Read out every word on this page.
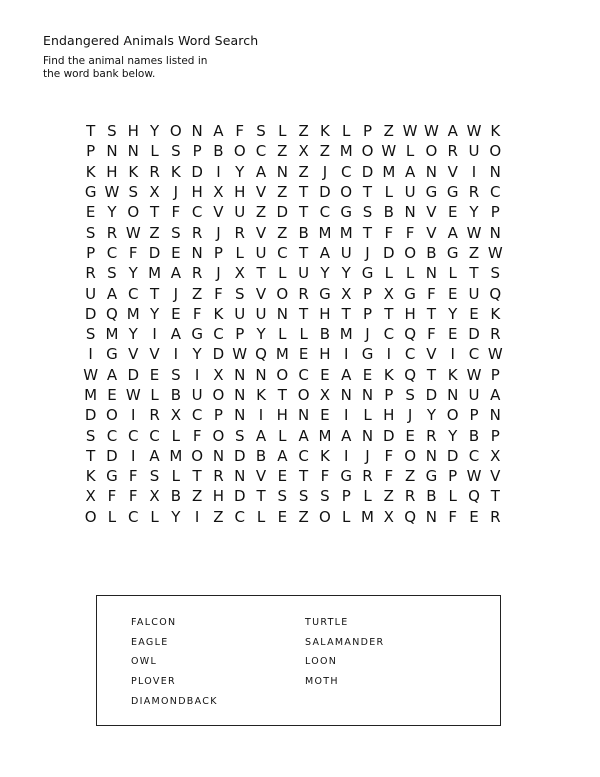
Endangered Animals Word Search

Find the animal names listed in
the word bank below.

T S H Y O N A F S L Z K L P Z W W A W K
P N N L S P B O C Z X Z M O W L O R U O
K H K R K D I Y A N Z J C D M A N V I N
G W S X J H X H V Z T D O T L U G G R C
E Y O T F C V U Z D T C G S B N V E Y P
S R W Z S R J R V Z B M M T F F V A W N
P C F D E N P L U C T A U J D O B G Z W
R S Y M A R J X T L U Y Y G L L N L T S
U A C T J Z F S V O R G X P X G F E U Q
D Q M Y E F K U U N T H T P T H T Y E K
S M Y I A G C P Y L L B M J C Q F E D R
I G V V I Y D W Q M E H I G I C V I C W
W A D E S I X N N O C E A E K Q T K W P
M E W L B U O N K T O X N N P S D N U A
D O I R X C P N I H N E I L H J Y O P N
S C C C L F O S A L A M A N D E R Y B P
T D I A M O N D B A C K I	J F O N D C X
K G F S L T R N V E T F G R F Z G P W V
X F F X B Z H D T S S S P L Z R B L Q T
O L C L Y I Z C L E Z O L M X Q N F E R
FALCON
EAGLE
OWL
PLOVER
DIAMONDBACK
TURTLE
SALAMANDER
LOON
MOTH
